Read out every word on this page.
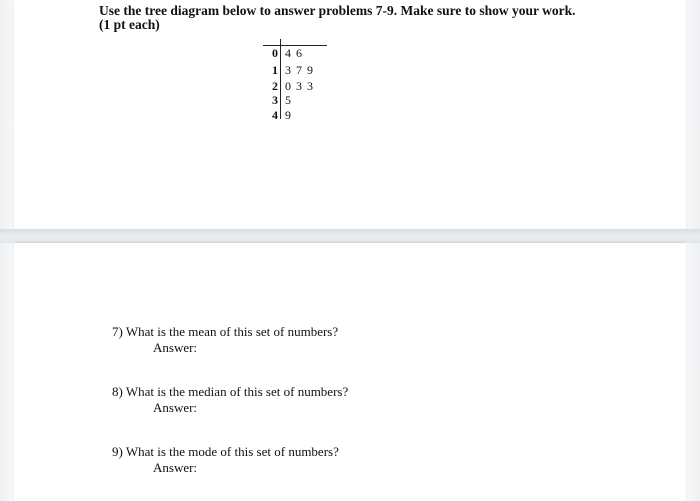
Use the tree diagram below to answer problems 7-9. Make sure to show your work.
(1 pt each)
0 4 6
1 3 7 9
2 0 3 3
3 5
4 9
7) What is the mean of this set of numbers?
Answer:
8) What is the median of this set of numbers?
Answer:
9) What is the mode of this set of numbers?
Answer:
